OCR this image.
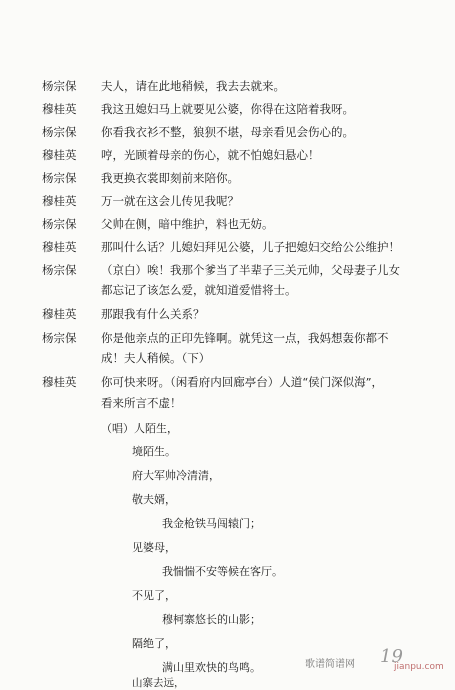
杨宗保	夫人，请在此地稍候，我去去就来。
穆桂英	我这丑媳妇马上就要见公婆，你得在这陪着我呀。
杨宗保	你看我衣衫不整，狼狈不堪，母亲看见会伤心的。
穆桂英	哼，光顾着母亲的伤心，就不怕媳妇悬心！
杨宗保	我更换衣裳即刻前来陪你。
穆桂英	万一就在这会儿传见我呢？
杨宗保	父帅在侧，暗中维护，料也无妨。
穆桂英	那叫什么话？儿媳妇拜见公婆，儿子把媳妇交给公公维护！
杨宗保	（京白）唉！我那个爹当了半辈子三关元帅，父母妻子儿女
都忘记了该怎么爱，就知道爱惜将士。
穆桂英	那跟我有什么关系？
杨宗保	你是他亲点的正印先锋啊。就凭这一点，我妈想轰你都不
成！夫人稍候。（下）
穆桂英	你可快来呀。（闲看府内回廊亭台）人道“侯门深似海”，
看来所言不虚！
（唱）人陌生，
境陌生。
府大军帅冷清清，
敬夫婿，
我金枪铁马闯辕门；
见婆母，
我惴惴不安等候在客厅。
不见了，
穆柯寨悠长的山影；
隔绝了，
满山里欢快的鸟鸣。
山寨去远，
歌谱简谱网 19
jianpu.com
